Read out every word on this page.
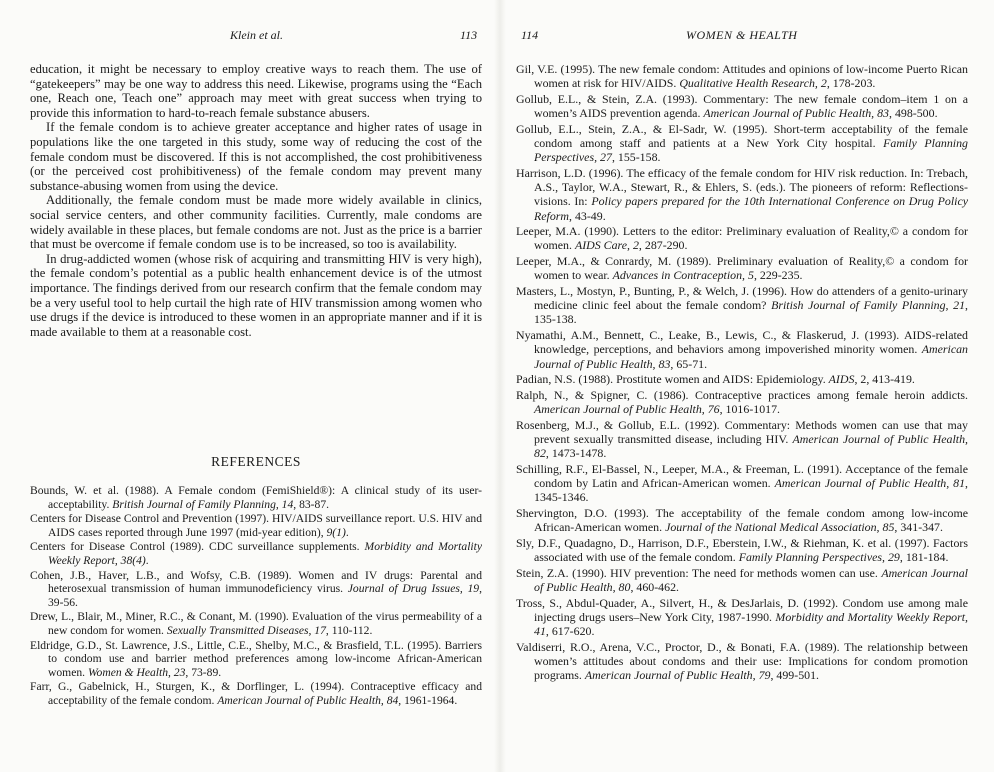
Klein et al.	113

education, it might be necessary to employ creative ways to reach them. The use of “gatekeepers” may be one way to address this need. Likewise, programs using the “Each one, Reach one, Teach one” approach may meet with great success when trying to provide this information to hard-to-reach female substance abusers.

If the female condom is to achieve greater acceptance and higher rates of usage in populations like the one targeted in this study, some way of reducing the cost of the female condom must be discovered. If this is not accomplished, the cost prohibitiveness (or the perceived cost prohibitiveness) of the female condom may prevent many substance-abusing women from using the device.

Additionally, the female condom must be made more widely available in clinics, social service centers, and other community facilities. Currently, male condoms are widely available in these places, but female condoms are not. Just as the price is a barrier that must be overcome if female condom use is to be increased, so too is availability.

In drug-addicted women (whose risk of acquiring and transmitting HIV is very high), the female condom’s potential as a public health enhancement device is of the utmost importance. The findings derived from our research confirm that the female condom may be a very useful tool to help curtail the high rate of HIV transmission among women who use drugs if the device is introduced to these women in an appropriate manner and if it is made available to them at a reasonable cost.

REFERENCES

Bounds, W. et al. (1988). A Female condom (FemiShield®): A clinical study of its user-acceptability. British Journal of Family Planning, 14, 83-87.

Centers for Disease Control and Prevention (1997). HIV/AIDS surveillance report. U.S. HIV and AIDS cases reported through June 1997 (mid-year edition), 9(1).

Centers for Disease Control (1989). CDC surveillance supplements. Morbidity and Mortality Weekly Report, 38(4).

Cohen, J.B., Haver, L.B., and Wofsy, C.B. (1989). Women and IV drugs: Parental and heterosexual transmission of human immunodeficiency virus. Journal of Drug Issues, 19, 39-56.

Drew, L., Blair, M., Miner, R.C., & Conant, M. (1990). Evaluation of the virus permeability of a new condom for women. Sexually Transmitted Diseases, 17, 110-112.

Eldridge, G.D., St. Lawrence, J.S., Little, C.E., Shelby, M.C., & Brasfield, T.L. (1995). Barriers to condom use and barrier method preferences among low-income African-American women. Women & Health, 23, 73-89.

Farr, G., Gabelnick, H., Sturgen, K., & Dorflinger, L. (1994). Contraceptive efficacy and acceptability of the female condom. American Journal of Public Health, 84, 1961-1964.

114	WOMEN & HEALTH

Gil, V.E. (1995). The new female condom: Attitudes and opinions of low-income Puerto Rican women at risk for HIV/AIDS. Qualitative Health Research, 2, 178-203.

Gollub, E.L., & Stein, Z.A. (1993). Commentary: The new female condom–item 1 on a women’s AIDS prevention agenda. American Journal of Public Health, 83, 498-500.

Gollub, E.L., Stein, Z.A., & El-Sadr, W. (1995). Short-term acceptability of the female condom among staff and patients at a New York City hospital. Family Planning Perspectives, 27, 155-158.

Harrison, L.D. (1996). The efficacy of the female condom for HIV risk reduction. In: Trebach, A.S., Taylor, W.A., Stewart, R., & Ehlers, S. (eds.). The pioneers of reform: Reflections-visions. In: Policy papers prepared for the 10th International Conference on Drug Policy Reform, 43-49.

Leeper, M.A. (1990). Letters to the editor: Preliminary evaluation of Reality,© a condom for women. AIDS Care, 2, 287-290.

Leeper, M.A., & Conrardy, M. (1989). Preliminary evaluation of Reality,© a condom for women to wear. Advances in Contraception, 5, 229-235.

Masters, L., Mostyn, P., Bunting, P., & Welch, J. (1996). How do attenders of a genito-urinary medicine clinic feel about the female condom? British Journal of Family Planning, 21, 135-138.

Nyamathi, A.M., Bennett, C., Leake, B., Lewis, C., & Flaskerud, J. (1993). AIDS-related knowledge, perceptions, and behaviors among impoverished minority women. American Journal of Public Health, 83, 65-71.

Padian, N.S. (1988). Prostitute women and AIDS: Epidemiology. AIDS, 2, 413-419.

Ralph, N., & Spigner, C. (1986). Contraceptive practices among female heroin addicts. American Journal of Public Health, 76, 1016-1017.

Rosenberg, M.J., & Gollub, E.L. (1992). Commentary: Methods women can use that may prevent sexually transmitted disease, including HIV. American Journal of Public Health, 82, 1473-1478.

Schilling, R.F., El-Bassel, N., Leeper, M.A., & Freeman, L. (1991). Acceptance of the female condom by Latin and African-American women. American Journal of Public Health, 81, 1345-1346.

Shervington, D.O. (1993). The acceptability of the female condom among low-income African-American women. Journal of the National Medical Association, 85, 341-347.

Sly, D.F., Quadagno, D., Harrison, D.F., Eberstein, I.W., & Riehman, K. et al. (1997). Factors associated with use of the female condom. Family Planning Perspectives, 29, 181-184.

Stein, Z.A. (1990). HIV prevention: The need for methods women can use. American Journal of Public Health, 80, 460-462.

Tross, S., Abdul-Quader, A., Silvert, H., & DesJarlais, D. (1992). Condom use among male injecting drugs users–New York City, 1987-1990. Morbidity and Mortality Weekly Report, 41, 617-620.

Valdiserri, R.O., Arena, V.C., Proctor, D., & Bonati, F.A. (1989). The relationship between women’s attitudes about condoms and their use: Implications for condom promotion programs. American Journal of Public Health, 79, 499-501.
